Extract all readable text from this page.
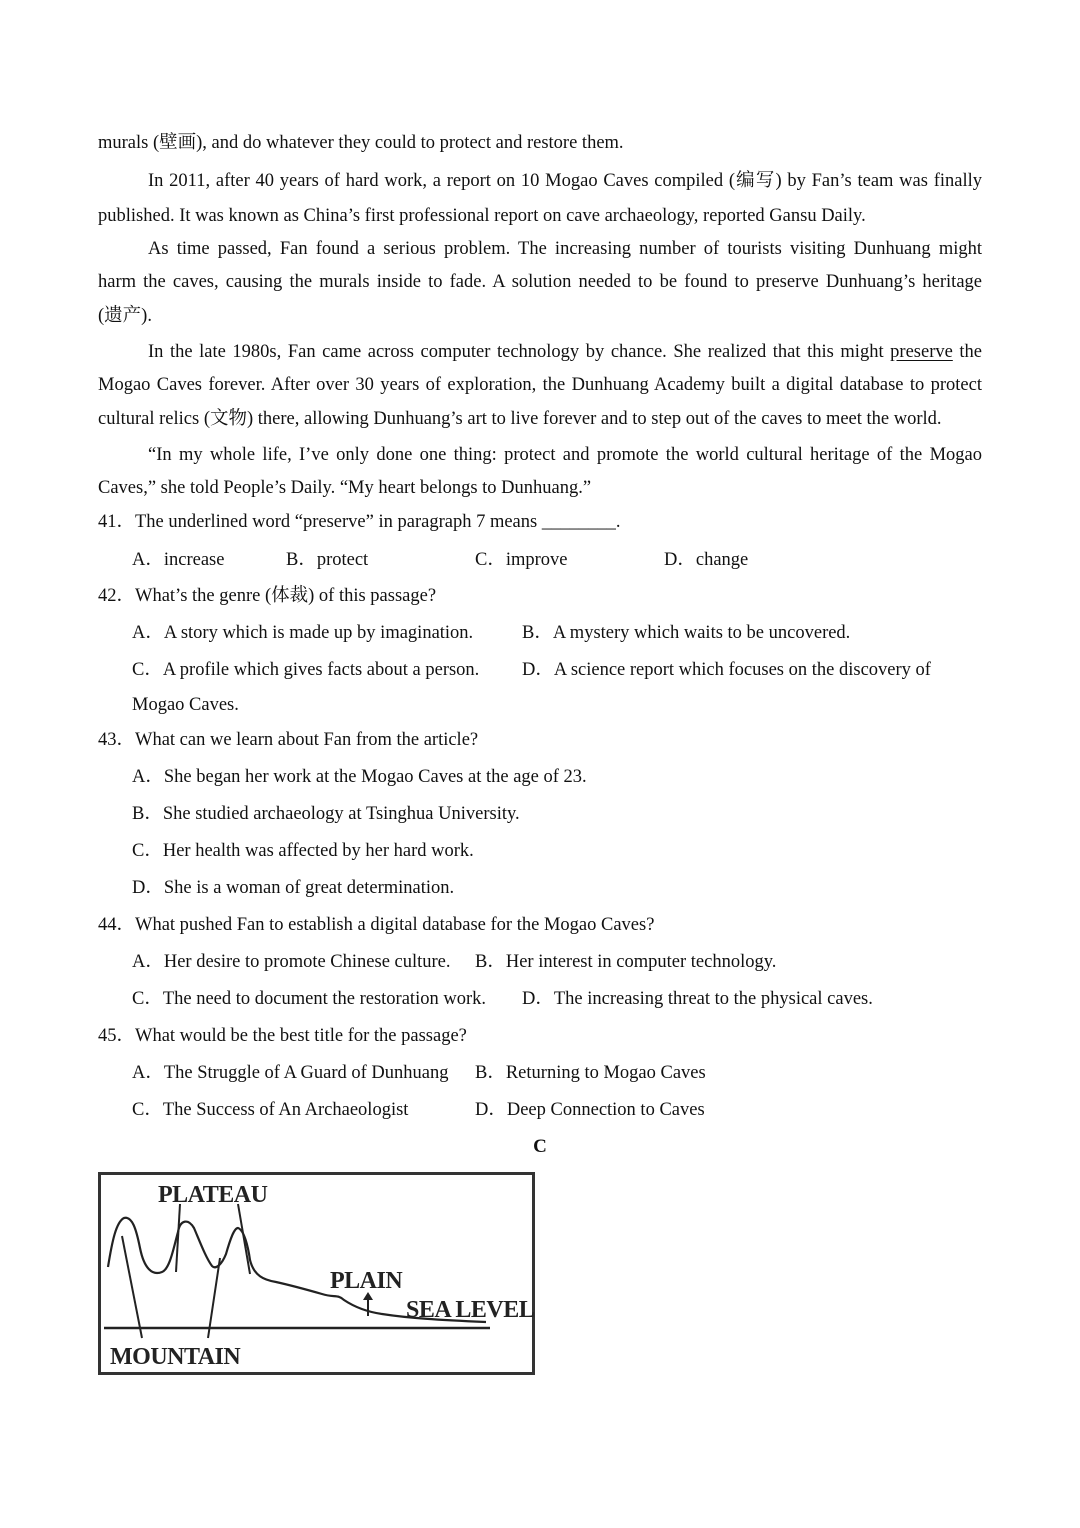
murals (壁画), and do whatever they could to protect and restore them.
In 2011, after 40 years of hard work, a report on 10 Mogao Caves compiled (编写) by Fan’s team was finally
published. It was known as China’s first professional report on cave archaeology, reported Gansu Daily.
As time passed, Fan found a serious problem. The increasing number of tourists visiting Dunhuang might
harm the caves, causing the murals inside to fade. A solution needed to be found to preserve Dunhuang’s heritage
(遗产).
In the late 1980s, Fan came across computer technology by chance. She realized that this might preserve the
Mogao Caves forever. After over 30 years of exploration, the Dunhuang Academy built a digital database to protect
cultural relics (文物) there, allowing Dunhuang’s art to live forever and to step out of the caves to meet the world.
“In my whole life, I’ve only done one thing: protect and promote the world cultural heritage of the Mogao
Caves,” she told People’s Daily. “My heart belongs to Dunhuang.”
41．The underlined word “preserve” in paragraph 7 means ________.
A．increase	B．protect	C．improve	D．change
42．What’s the genre (体裁) of this passage?
A．A story which is made up by imagination.	B．A mystery which waits to be uncovered.
C．A profile which gives facts about a person. D．A science report which focuses on the discovery of
Mogao Caves.
43．What can we learn about Fan from the article?
A．She began her work at the Mogao Caves at the age of 23.
B．She studied archaeology at Tsinghua University.
C．Her health was affected by her hard work.
D．She is a woman of great determination.
44．What pushed Fan to establish a digital database for the Mogao Caves?
A．Her desire to promote Chinese culture. B．Her interest in computer technology.
C．The need to document the restoration work. D．The increasing threat to the physical caves.
45．What would be the best title for the passage?
A．The Struggle of A Guard of Dunhuang B．Returning to Mogao Caves
C．The Success of An Archaeologist	D．Deep Connection to Caves
C
PLATEAU
PLAIN
SEA LEVEL
MOUNTAIN
